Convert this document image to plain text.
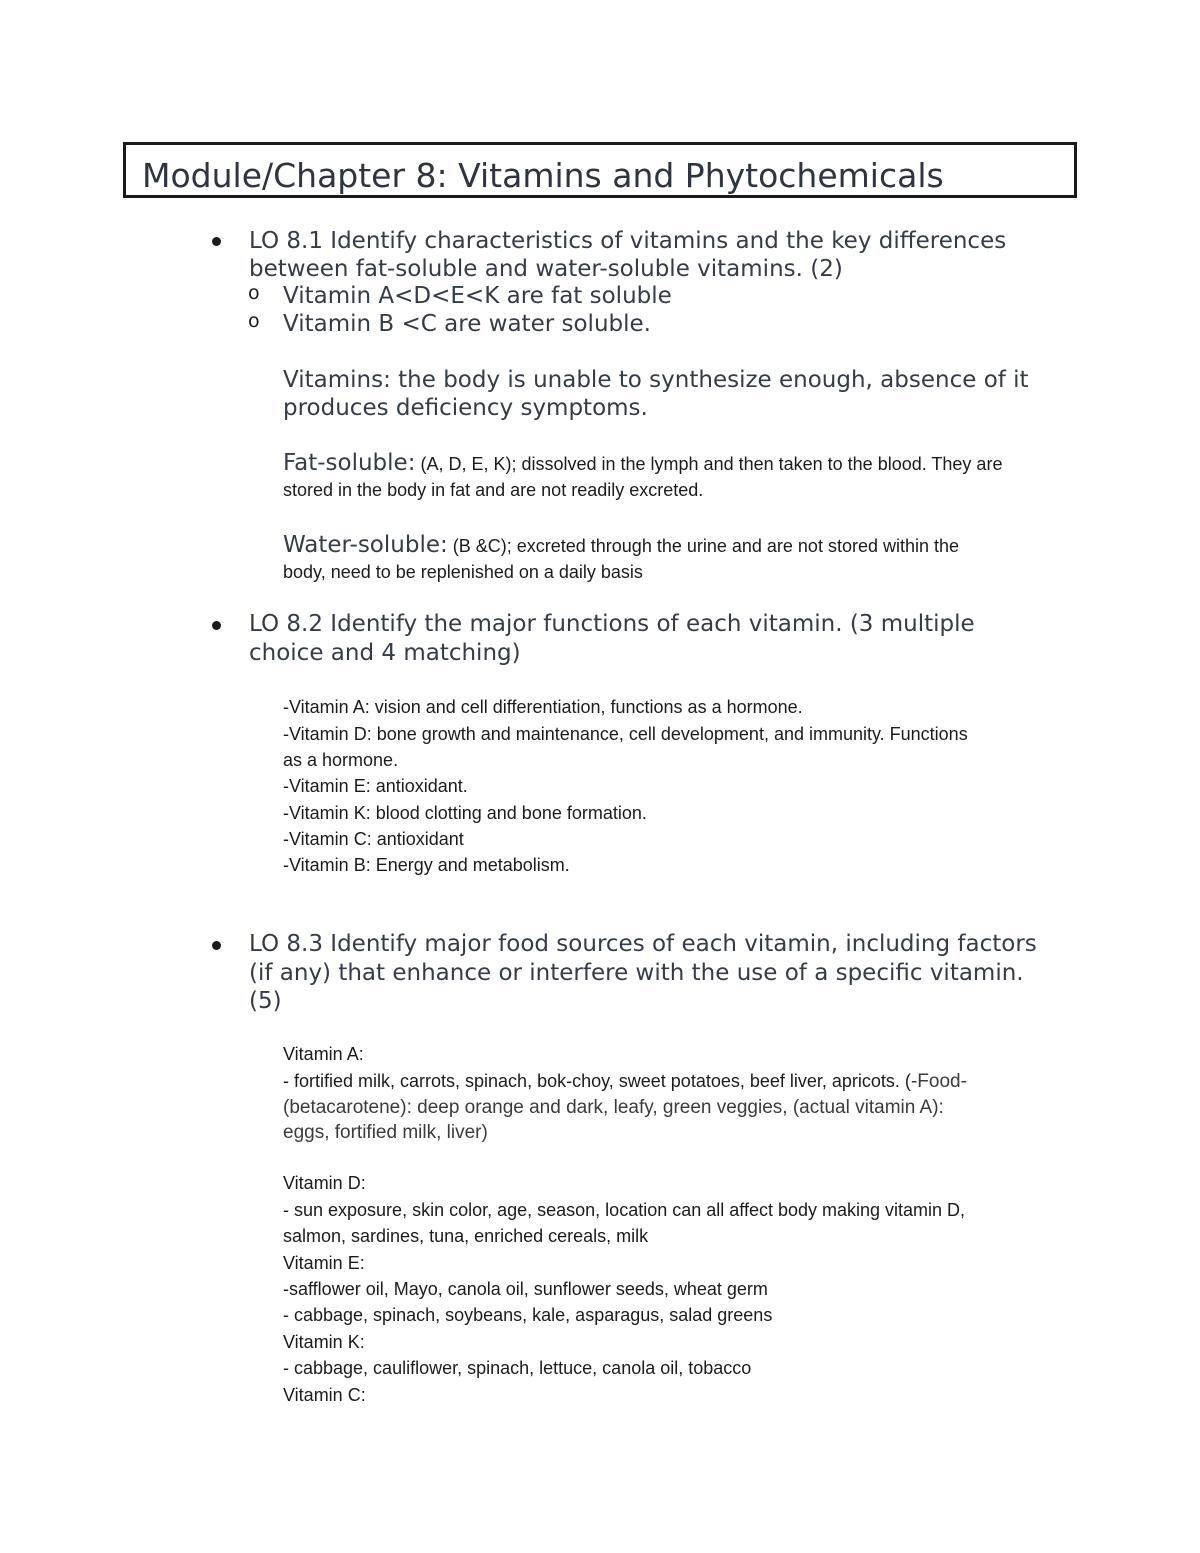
Module/Chapter 8: Vitamins and Phytochemicals
LO 8.1 Identify characteristics of vitamins and the key differences
between fat-soluble and water-soluble vitamins. (2)
o Vitamin A<D<E<K are fat soluble
o Vitamin B <C are water soluble.
Vitamins: the body is unable to synthesize enough, absence of it
produces deficiency symptoms.
Fat-soluble: (A, D, E, K); dissolved in the lymph and then taken to the blood. They are
stored in the body in fat and are not readily excreted.
Water-soluble: (B &C); excreted through the urine and are not stored within the
body, need to be replenished on a daily basis
LO 8.2 Identify the major functions of each vitamin. (3 multiple
choice and 4 matching)
-Vitamin A: vision and cell differentiation, functions as a hormone.
-Vitamin D: bone growth and maintenance, cell development, and immunity. Functions
as a hormone.
-Vitamin E: antioxidant.
-Vitamin K: blood clotting and bone formation.
-Vitamin C: antioxidant
-Vitamin B: Energy and metabolism.
LO 8.3 Identify major food sources of each vitamin, including factors
(if any) that enhance or interfere with the use of a specific vitamin.
(5)
Vitamin A:
- fortified milk, carrots, spinach, bok-choy, sweet potatoes, beef liver, apricots. (-Food-
(betacarotene): deep orange and dark, leafy, green veggies, (actual vitamin A):
eggs, fortified milk, liver)
Vitamin D:
- sun exposure, skin color, age, season, location can all affect body making vitamin D,
salmon, sardines, tuna, enriched cereals, milk
Vitamin E:
-safflower oil, Mayo, canola oil, sunflower seeds, wheat germ
- cabbage, spinach, soybeans, kale, asparagus, salad greens
Vitamin K:
- cabbage, cauliflower, spinach, lettuce, canola oil, tobacco
Vitamin C:
